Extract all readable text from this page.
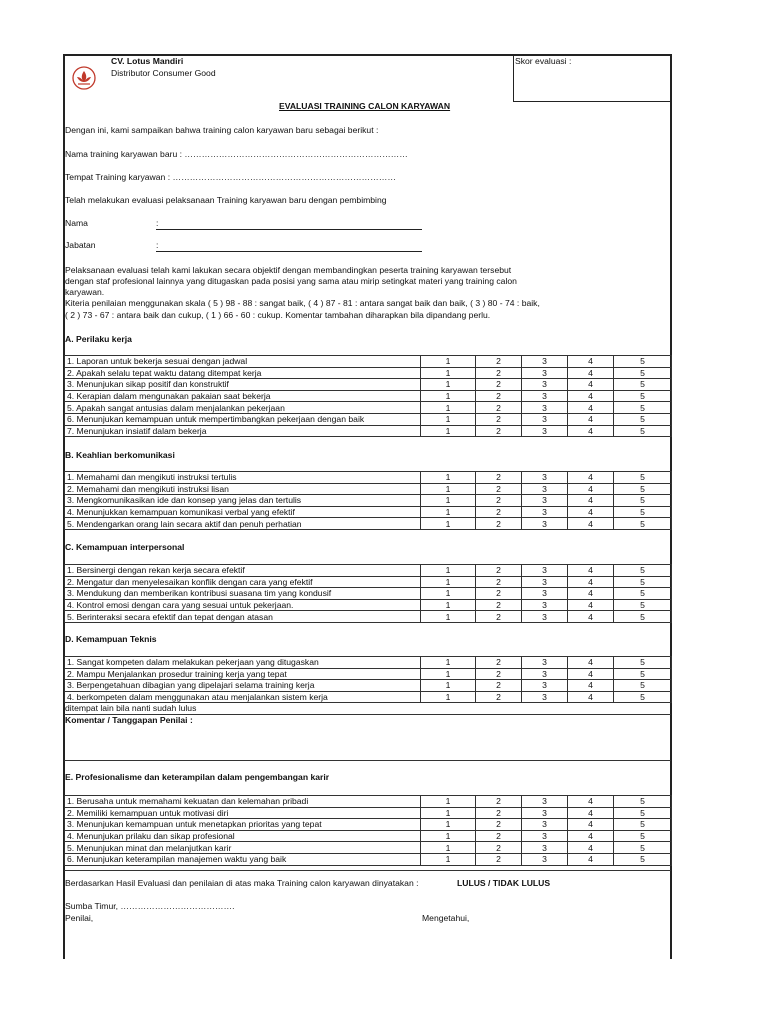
CV. Lotus Mandiri
Distributor Consumer Good
Skor evaluasi :
EVALUASI TRAINING CALON KARYAWAN
Dengan ini, kami sampaikan bahwa training calon karyawan baru sebagai berikut :
Nama training karyawan baru : ……………………………………………………………………
Tempat Training karyawan : ……………………………………………………………………
Telah melakukan evaluasi pelaksanaan Training karyawan baru dengan pembimbing
Nama	:
Jabatan	:
Pelaksanaan evaluasi telah kami lakukan secara objektif dengan membandingkan peserta training karyawan tersebut
dengan staf profesional lainnya yang ditugaskan pada posisi yang sama atau mirip setingkat materi yang training calon
karyawan.
Kiteria penilaian menggunakan skala ( 5 ) 98 - 88 : sangat baik, ( 4 ) 87 - 81 : antara sangat baik dan baik, ( 3 ) 80 - 74 : baik,
( 2 ) 73 - 67 : antara baik dan cukup, ( 1 ) 66 - 60 : cukup. Komentar tambahan diharapkan bila dipandang perlu.
A. Perilaku kerja
1. Laporan untuk bekerja sesuai dengan jadwal	1	2	3	4	5
2. Apakah selalu tepat waktu datang ditempat kerja	1	2	3	4	5
3. Menunjukan sikap positif dan konstruktif	1	2	3	4	5
4. Kerapian dalam mengunakan pakaian saat bekerja	1	2	3	4	5
5. Apakah sangat antusias dalam menjalankan pekerjaan	1	2	3	4	5
6. Menunjukan kemampuan untuk mempertimbangkan pekerjaan dengan baik	1	2	3	4	5
7. Menunjukan insiatif dalam bekerja	1	2	3	4	5
B. Keahlian berkomunikasi
1. Memahami dan mengikuti instruksi tertulis	1	2	3	4	5
2. Memahami dan mengikuti instruksi lisan	1	2	3	4	5
3. Mengkomunikasikan ide dan konsep yang jelas dan tertulis	1	2	3	4	5
4. Menunjukkan kemampuan komunikasi verbal yang efektif	1	2	3	4	5
5. Mendengarkan orang lain secara aktif dan penuh perhatian	1	2	3	4	5
C. Kemampuan interpersonal
1. Bersinergi dengan rekan kerja secara efektif	1	2	3	4	5
2. Mengatur dan menyelesaikan konflik dengan cara yang efektif	1	2	3	4	5
3. Mendukung dan memberikan kontribusi suasana tim yang kondusif	1	2	3	4	5
4. Kontrol emosi dengan cara yang sesuai untuk pekerjaan.	1	2	3	4	5
5. Berinteraksi secara efektif dan tepat dengan atasan	1	2	3	4	5
D. Kemampuan Teknis
1. Sangat kompeten dalam melakukan pekerjaan yang ditugaskan	1	2	3	4	5
2. Mampu Menjalankan prosedur training kerja yang tepat	1	2	3	4	5
3. Berpengetahuan dibagian yang dipelajari selama training kerja	1	2	3	4	5
4. berkompeten dalam menggunakan atau menjalankan sistem kerja	1	2	3	4	5
ditempat lain bila nanti sudah lulus
Komentar / Tanggapan Penilai :
E. Profesionalisme dan keterampilan dalam pengembangan karir
1. Berusaha untuk memahami kekuatan dan kelemahan pribadi	1	2	3	4	5
2. Memiliki kemampuan untuk motivasi diri	1	2	3	4	5
3. Menunjukan kemampuan untuk menetapkan prioritas yang tepat	1	2	3	4	5
4. Menunjukan prilaku dan sikap profesional	1	2	3	4	5
5. Menunjukan minat dan melanjutkan karir	1	2	3	4	5
6. Menunjukan keterampilan manajemen waktu yang baik	1	2	3	4	5
Berdasarkan Hasil Evaluasi dan penilaian di atas maka Training calon karyawan dinyatakan :	LULUS / TIDAK LULUS
Sumba Timur, ………………………………….
Penilai,	Mengetahui,
